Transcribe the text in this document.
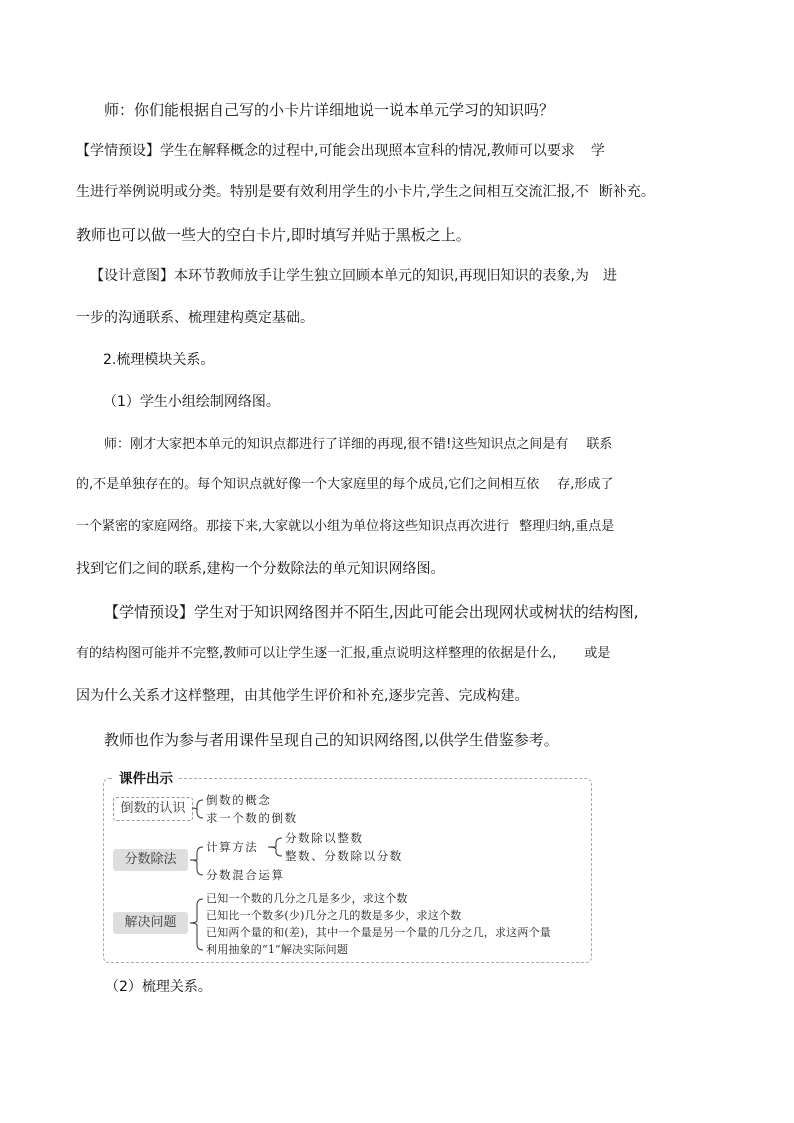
师：你们能根据自己写的小卡片详细地说一说本单元学习的知识吗？
【学情预设】学生在解释概念的过程中,可能会出现照本宣科的情况,教师可以要求 学
生进行举例说明或分类。特别是要有效利用学生的小卡片,学生之间相互交流汇报,不 断补充。
教师也可以做一些大的空白卡片,即时填写并贴于黑板之上。
【设计意图】本环节教师放手让学生独立回顾本单元的知识,再现旧知识的表象,为 进
一步的沟通联系、梳理建构奠定基础。
2.梳理模块关系。
（1）学生小组绘制网络图。
师：刚才大家把本单元的知识点都进行了详细的再现,很不错!这些知识点之间是有 联系
的,不是单独存在的。每个知识点就好像一个大家庭里的每个成员,它们之间相互依 存,形成了
一个紧密的家庭网络。那接下来,大家就以小组为单位将这些知识点再次进行 整理归纳,重点是
找到它们之间的联系,建构一个分数除法的单元知识网络图。
【学情预设】学生对于知识网络图并不陌生,因此可能会出现网状或树状的结构图,
有的结构图可能并不完整,教师可以让学生逐一汇报,重点说明这样整理的依据是什么, 或是
因为什么关系才这样整理，由其他学生评价和补充,逐步完善、完成构建。
教师也作为参与者用课件呈现自己的知识网络图,以供学生借鉴参考。
课件出示
倒数的认识
分数除法
解决问题
倒数的概念
求一个数的倒数
计算方法
分数除以整数
整数、分数除以分数
分数混合运算
已知一个数的几分之几是多少，求这个数
已知比一个数多(少)几分之几的数是多少，求这个数
已知两个量的和(差)，其中一个量是另一个量的几分之几，求这两个量
利用抽象的“1”解决实际问题
（2）梳理关系。
